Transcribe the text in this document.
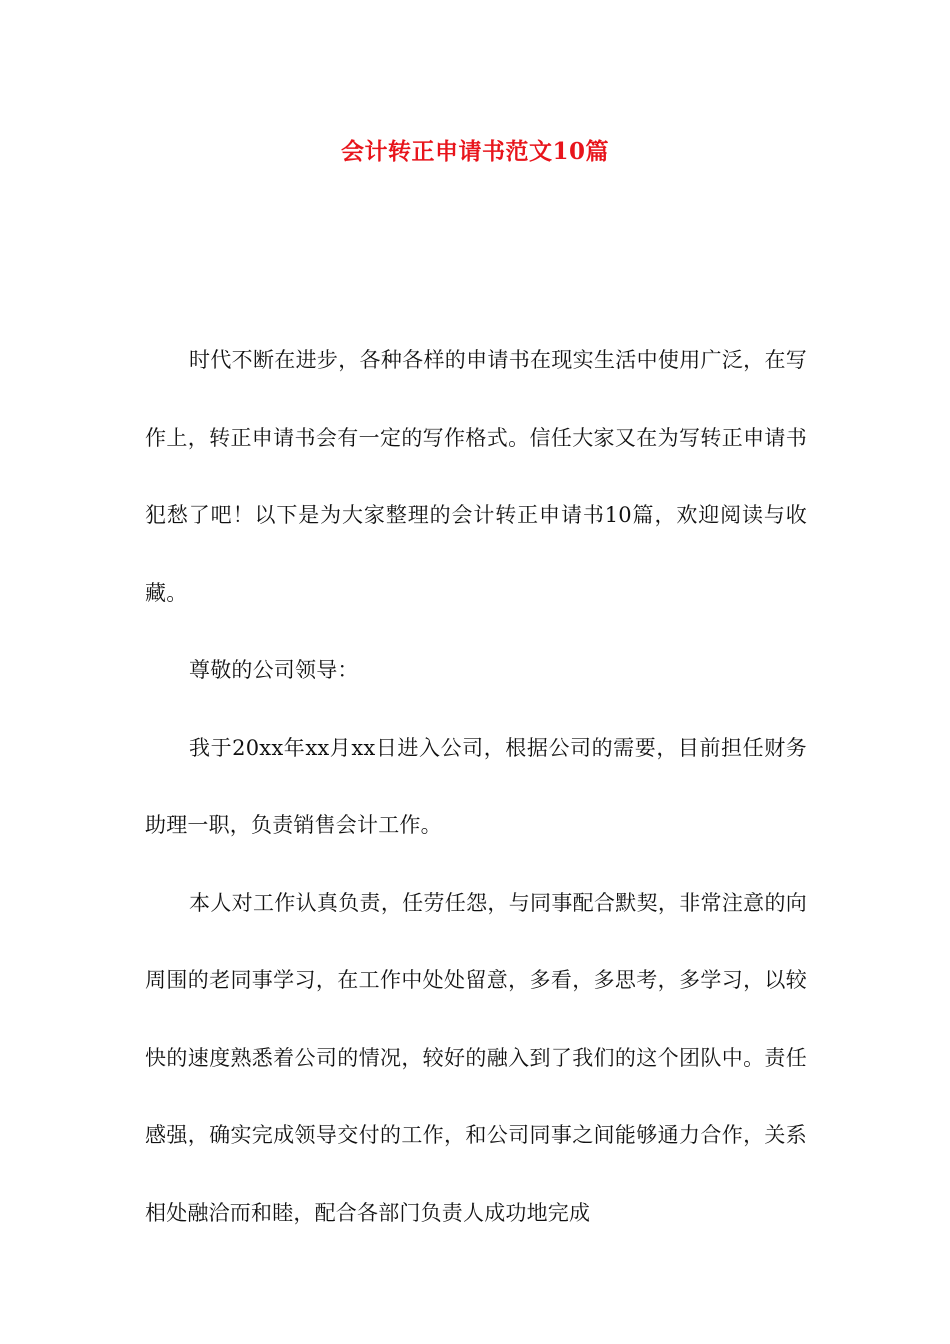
会计转正申请书范文10篇

时代不断在进步，各种各样的申请书在现实生活中使用广泛，在写作上，转正申请书会有一定的写作格式。信任大家又在为写转正申请书犯愁了吧！以下是为大家整理的会计转正申请书10篇，欢迎阅读与收藏。

尊敬的公司领导：

我于20xx年xx月xx日进入公司，根据公司的需要，目前担任财务助理一职，负责销售会计工作。

本人对工作认真负责，任劳任怨，与同事配合默契，非常注意的向周围的老同事学习，在工作中处处留意，多看，多思考，多学习，以较快的速度熟悉着公司的情况，较好的融入到了我们的这个团队中。责任感强，确实完成领导交付的工作，和公司同事之间能够通力合作，关系相处融洽而和睦，配合各部门负责人成功地完成
